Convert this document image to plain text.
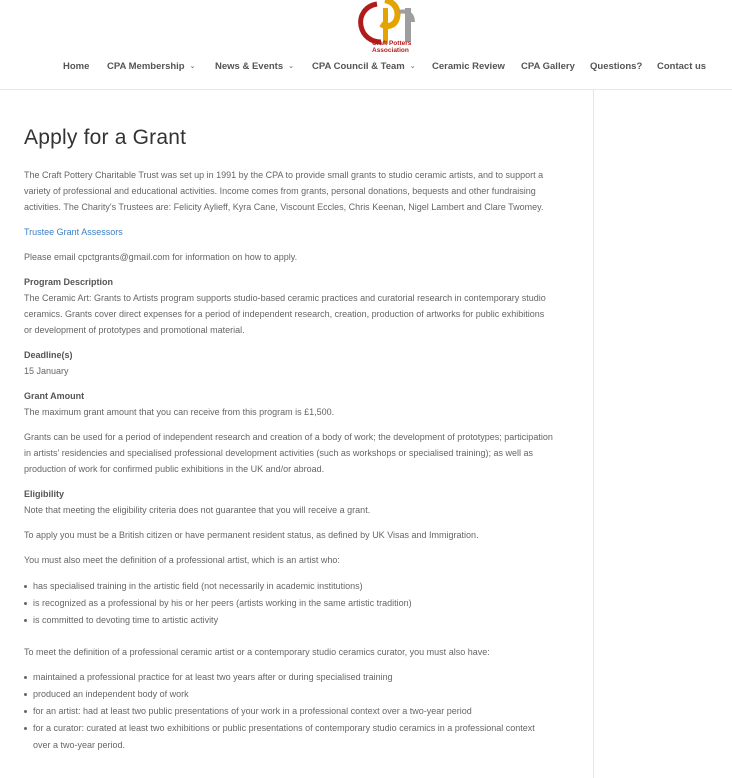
Craft Potters
Association
Home CPA Membership ⌄ News & Events ⌄ CPA Council & Team ⌄ Ceramic Review CPA Gallery Questions? Contact us
Apply for a Grant

The Craft Pottery Charitable Trust was set up in 1991 by the CPA to provide small grants to studio ceramic artists, and to support a variety of professional and educational activities. Income comes from grants, personal donations, bequests and other fundraising activities. The Charity's Trustees are: Felicity Aylieff, Kyra Cane, Viscount Eccles, Chris Keenan, Nigel Lambert and Clare Twomey.

Trustee Grant Assessors

Please email cpctgrants@gmail.com for information on how to apply.

Program Description

The Ceramic Art: Grants to Artists program supports studio-based ceramic practices and curatorial research in contemporary studio ceramics. Grants cover direct expenses for a period of independent research, creation, production of artworks for public exhibitions or development of prototypes and promotional material.

Deadline(s)

15 January

Grant Amount

The maximum grant amount that you can receive from this program is £1,500.

Grants can be used for a period of independent research and creation of a body of work; the development of prototypes; participation in artists' residencies and specialised professional development activities (such as workshops or specialised training); as well as production of work for confirmed public exhibitions in the UK and/or abroad.

Eligibility

Note that meeting the eligibility criteria does not guarantee that you will receive a grant.

To apply you must be a British citizen or have permanent resident status, as defined by UK Visas and Immigration.

You must also meet the definition of a professional artist, which is an artist who:

has specialised training in the artistic field (not necessarily in academic institutions)
is recognized as a professional by his or her peers (artists working in the same artistic tradition)
is committed to devoting time to artistic activity

To meet the definition of a professional ceramic artist or a contemporary studio ceramics curator, you must also have:

maintained a professional practice for at least two years after or during specialised training
produced an independent body of work
for an artist: had at least two public presentations of your work in a professional context over a two-year period
for a curator: curated at least two exhibitions or public presentations of contemporary studio ceramics in a professional context over a two-year period.
